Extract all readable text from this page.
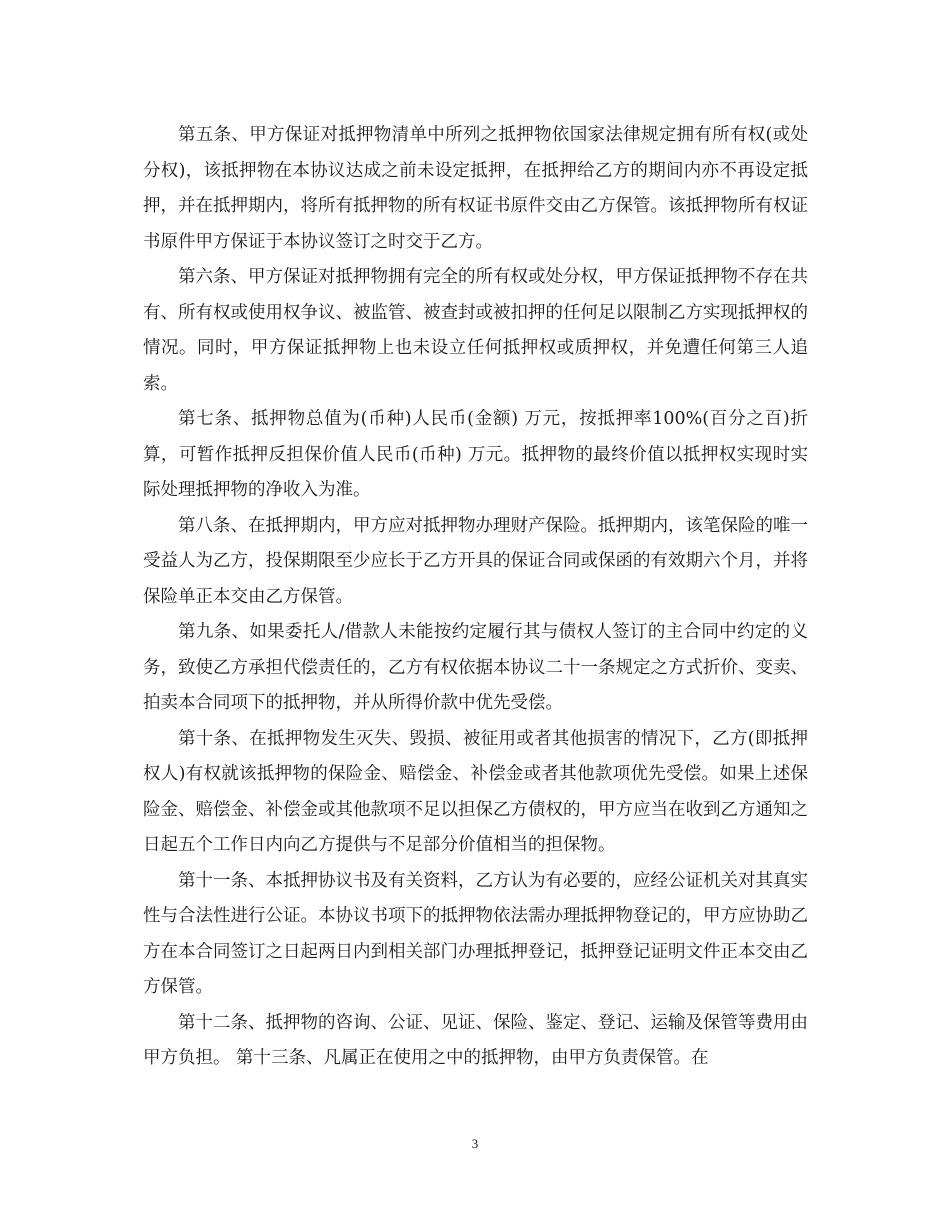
第五条、甲方保证对抵押物清单中所列之抵押物依国家法律规定拥有所有权(或处分权)，该抵押物在本协议达成之前未设定抵押，在抵押给乙方的期间内亦不再设定抵押，并在抵押期内，将所有抵押物的所有权证书原件交由乙方保管。该抵押物所有权证书原件甲方保证于本协议签订之时交于乙方。

第六条、甲方保证对抵押物拥有完全的所有权或处分权，甲方保证抵押物不存在共有、所有权或使用权争议、被监管、被查封或被扣押的任何足以限制乙方实现抵押权的情况。同时，甲方保证抵押物上也未设立任何抵押权或质押权，并免遭任何第三人追索。

第七条、抵押物总值为(币种)人民币(金额) 万元，按抵押率100%(百分之百)折算，可暂作抵押反担保价值人民币(币种) 万元。抵押物的最终价值以抵押权实现时实际处理抵押物的净收入为准。

第八条、在抵押期内，甲方应对抵押物办理财产保险。抵押期内，该笔保险的唯一受益人为乙方，投保期限至少应长于乙方开具的保证合同或保函的有效期六个月，并将保险单正本交由乙方保管。

第九条、如果委托人/借款人未能按约定履行其与债权人签订的主合同中约定的义务，致使乙方承担代偿责任的，乙方有权依据本协议二十一条规定之方式折价、变卖、拍卖本合同项下的抵押物，并从所得价款中优先受偿。

第十条、在抵押物发生灭失、毁损、被征用或者其他损害的情况下，乙方(即抵押权人)有权就该抵押物的保险金、赔偿金、补偿金或者其他款项优先受偿。如果上述保险金、赔偿金、补偿金或其他款项不足以担保乙方债权的，甲方应当在收到乙方通知之日起五个工作日内向乙方提供与不足部分价值相当的担保物。

第十一条、本抵押协议书及有关资料，乙方认为有必要的，应经公证机关对其真实性与合法性进行公证。本协议书项下的抵押物依法需办理抵押物登记的，甲方应协助乙方在本合同签订之日起两日内到相关部门办理抵押登记，抵押登记证明文件正本交由乙方保管。

第十二条、抵押物的咨询、公证、见证、保险、鉴定、登记、运输及保管等费用由甲方负担。 第十三条、凡属正在使用之中的抵押物，由甲方负责保管。在

3
